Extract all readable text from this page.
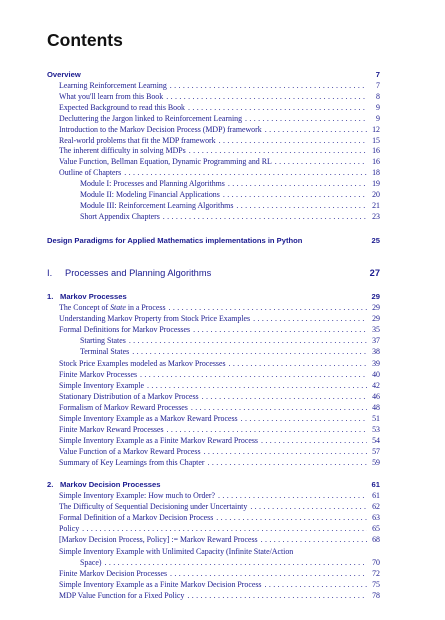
Contents
Overview	7
Learning Reinforcement Learning .....	7
What you'll learn from this Book .....	8
Expected Background to read this Book .....	9
Decluttering the Jargon linked to Reinforcement Learning .....	9
Introduction to the Markov Decision Process (MDP) framework .....	12
Real-world problems that fit the MDP framework .....	15
The inherent difficulty in solving MDPs .....	16
Value Function, Bellman Equation, Dynamic Programming and RL .....	16
Outline of Chapters .....	18
Module I: Processes and Planning Algorithms .....	19
Module II: Modeling Financial Applications .....	20
Module III: Reinforcement Learning Algorithms .....	21
Short Appendix Chapters .....	23
Design Paradigms for Applied Mathematics implementations in Python	25
I. Processes and Planning Algorithms	27
1. Markov Processes	29
The Concept of State in a Process .....	29
Understanding Markov Property from Stock Price Examples .....	29
Formal Definitions for Markov Processes .....	35
Starting States .....	37
Terminal States .....	38
Stock Price Examples modeled as Markov Processes .....	39
Finite Markov Processes .....	40
Simple Inventory Example .....	42
Stationary Distribution of a Markov Process .....	46
Formalism of Markov Reward Processes .....	48
Simple Inventory Example as a Markov Reward Process .....	51
Finite Markov Reward Processes .....	53
Simple Inventory Example as a Finite Markov Reward Process .....	54
Value Function of a Markov Reward Process .....	57
Summary of Key Learnings from this Chapter .....	59
2. Markov Decision Processes	61
Simple Inventory Example: How much to Order? .....	61
The Difficulty of Sequential Decisioning under Uncertainty .....	62
Formal Definition of a Markov Decision Process .....	63
Policy .....	65
[Markov Decision Process, Policy] := Markov Reward Process .....	68
Simple Inventory Example with Unlimited Capacity (Infinite State/Action
Space) .....	70
Finite Markov Decision Processes .....	72
Simple Inventory Example as a Finite Markov Decision Process .....	75
MDP Value Function for a Fixed Policy .....	78
